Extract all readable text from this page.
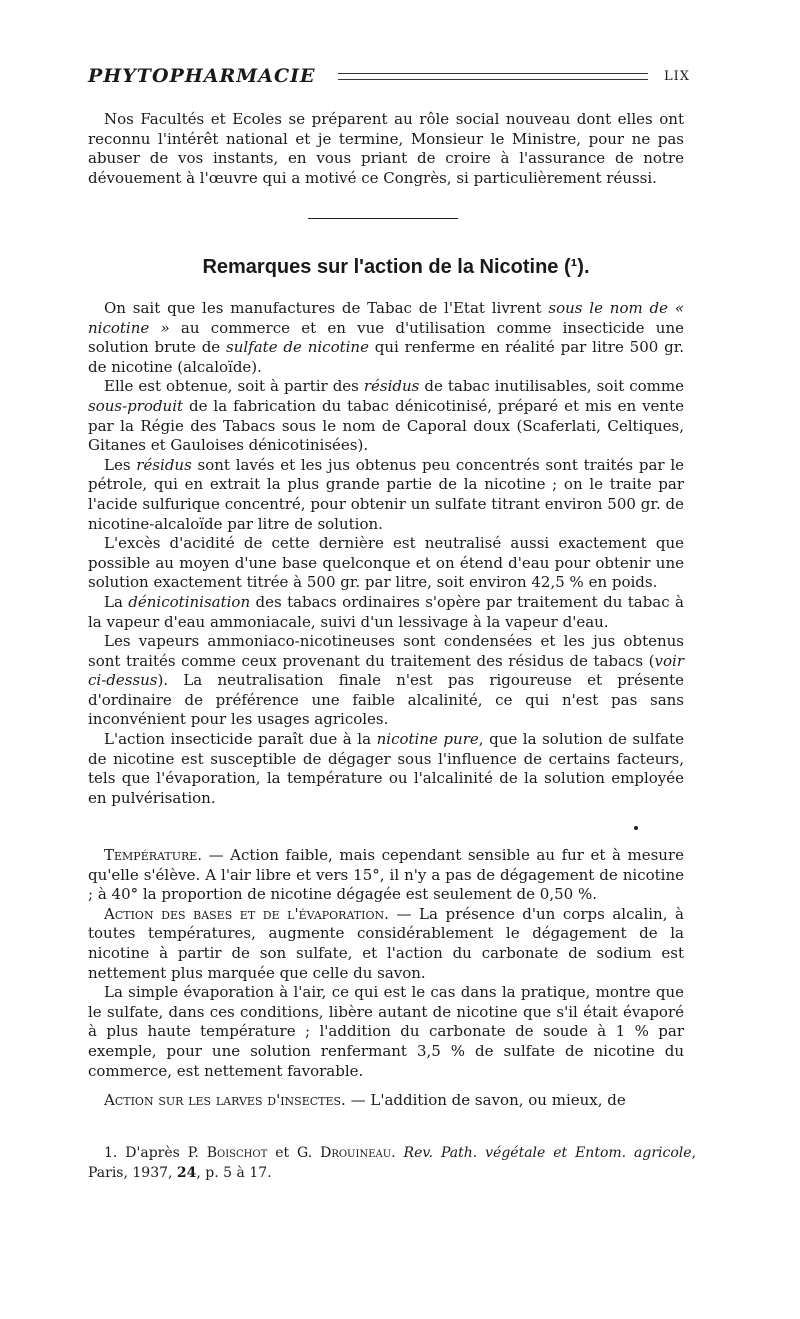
PHYTOPHARMACIE	LIX

Nos Facultés et Ecoles se préparent au rôle social nouveau dont elles ont reconnu l'intérêt national et je termine, Monsieur le Ministre, pour ne pas abuser de vos instants, en vous priant de croire à l'assurance de notre dévouement à l'œuvre qui a motivé ce Congrès, si particulièrement réussi.

Remarques sur l'action de la Nicotine (¹).

On sait que les manufactures de Tabac de l'Etat livrent sous le nom de « nicotine » au commerce et en vue d'utilisation comme insecticide une solution brute de sulfate de nicotine qui renferme en réalité par litre 500 gr. de nicotine (alcaloïde).

Elle est obtenue, soit à partir des résidus de tabac inutilisables, soit comme sous-produit de la fabrication du tabac dénicotinisé, préparé et mis en vente par la Régie des Tabacs sous le nom de Caporal doux (Scaferlati, Celtiques, Gitanes et Gauloises dénicotinisées).

Les résidus sont lavés et les jus obtenus peu concentrés sont traités par le pétrole, qui en extrait la plus grande partie de la nicotine ; on le traite par l'acide sulfurique concentré, pour obtenir un sulfate titrant environ 500 gr. de nicotine-alcaloïde par litre de solution.

L'excès d'acidité de cette dernière est neutralisé aussi exactement que possible au moyen d'une base quelconque et on étend d'eau pour obtenir une solution exactement titrée à 500 gr. par litre, soit environ 42,5 % en poids.

La dénicotinisation des tabacs ordinaires s'opère par traitement du tabac à la vapeur d'eau ammoniacale, suivi d'un lessivage à la vapeur d'eau.

Les vapeurs ammoniaco-nicotineuses sont condensées et les jus obtenus sont traités comme ceux provenant du traitement des résidus de tabacs (voir ci-dessus). La neutralisation finale n'est pas rigoureuse et présente d'ordinaire de préférence une faible alcalinité, ce qui n'est pas sans inconvénient pour les usages agricoles.

L'action insecticide paraît due à la nicotine pure, que la solution de sulfate de nicotine est susceptible de dégager sous l'influence de certains facteurs, tels que l'évaporation, la température ou l'alcalinité de la solution employée en pulvérisation.

Température. — Action faible, mais cependant sensible au fur et à mesure qu'elle s'élève. A l'air libre et vers 15°, il n'y a pas de dégagement de nicotine ; à 40° la proportion de nicotine dégagée est seulement de 0,50 %.

Action des bases et de l'évaporation. — La présence d'un corps alcalin, à toutes températures, augmente considérablement le dégagement de la nicotine à partir de son sulfate, et l'action du carbonate de sodium est nettement plus marquée que celle du savon.

La simple évaporation à l'air, ce qui est le cas dans la pratique, montre que le sulfate, dans ces conditions, libère autant de nicotine que s'il était évaporé à plus haute température ; l'addition du carbonate de soude à 1 % par exemple, pour une solution renfermant 3,5 % de sulfate de nicotine du commerce, est nettement favorable.

Action sur les larves d'insectes. — L'addition de savon, ou mieux, de

1. D'après P. Boischot et G. Drouineau. Rev. Path. végétale et Entom. agricole, Paris, 1937, 24, p. 5 à 17.
